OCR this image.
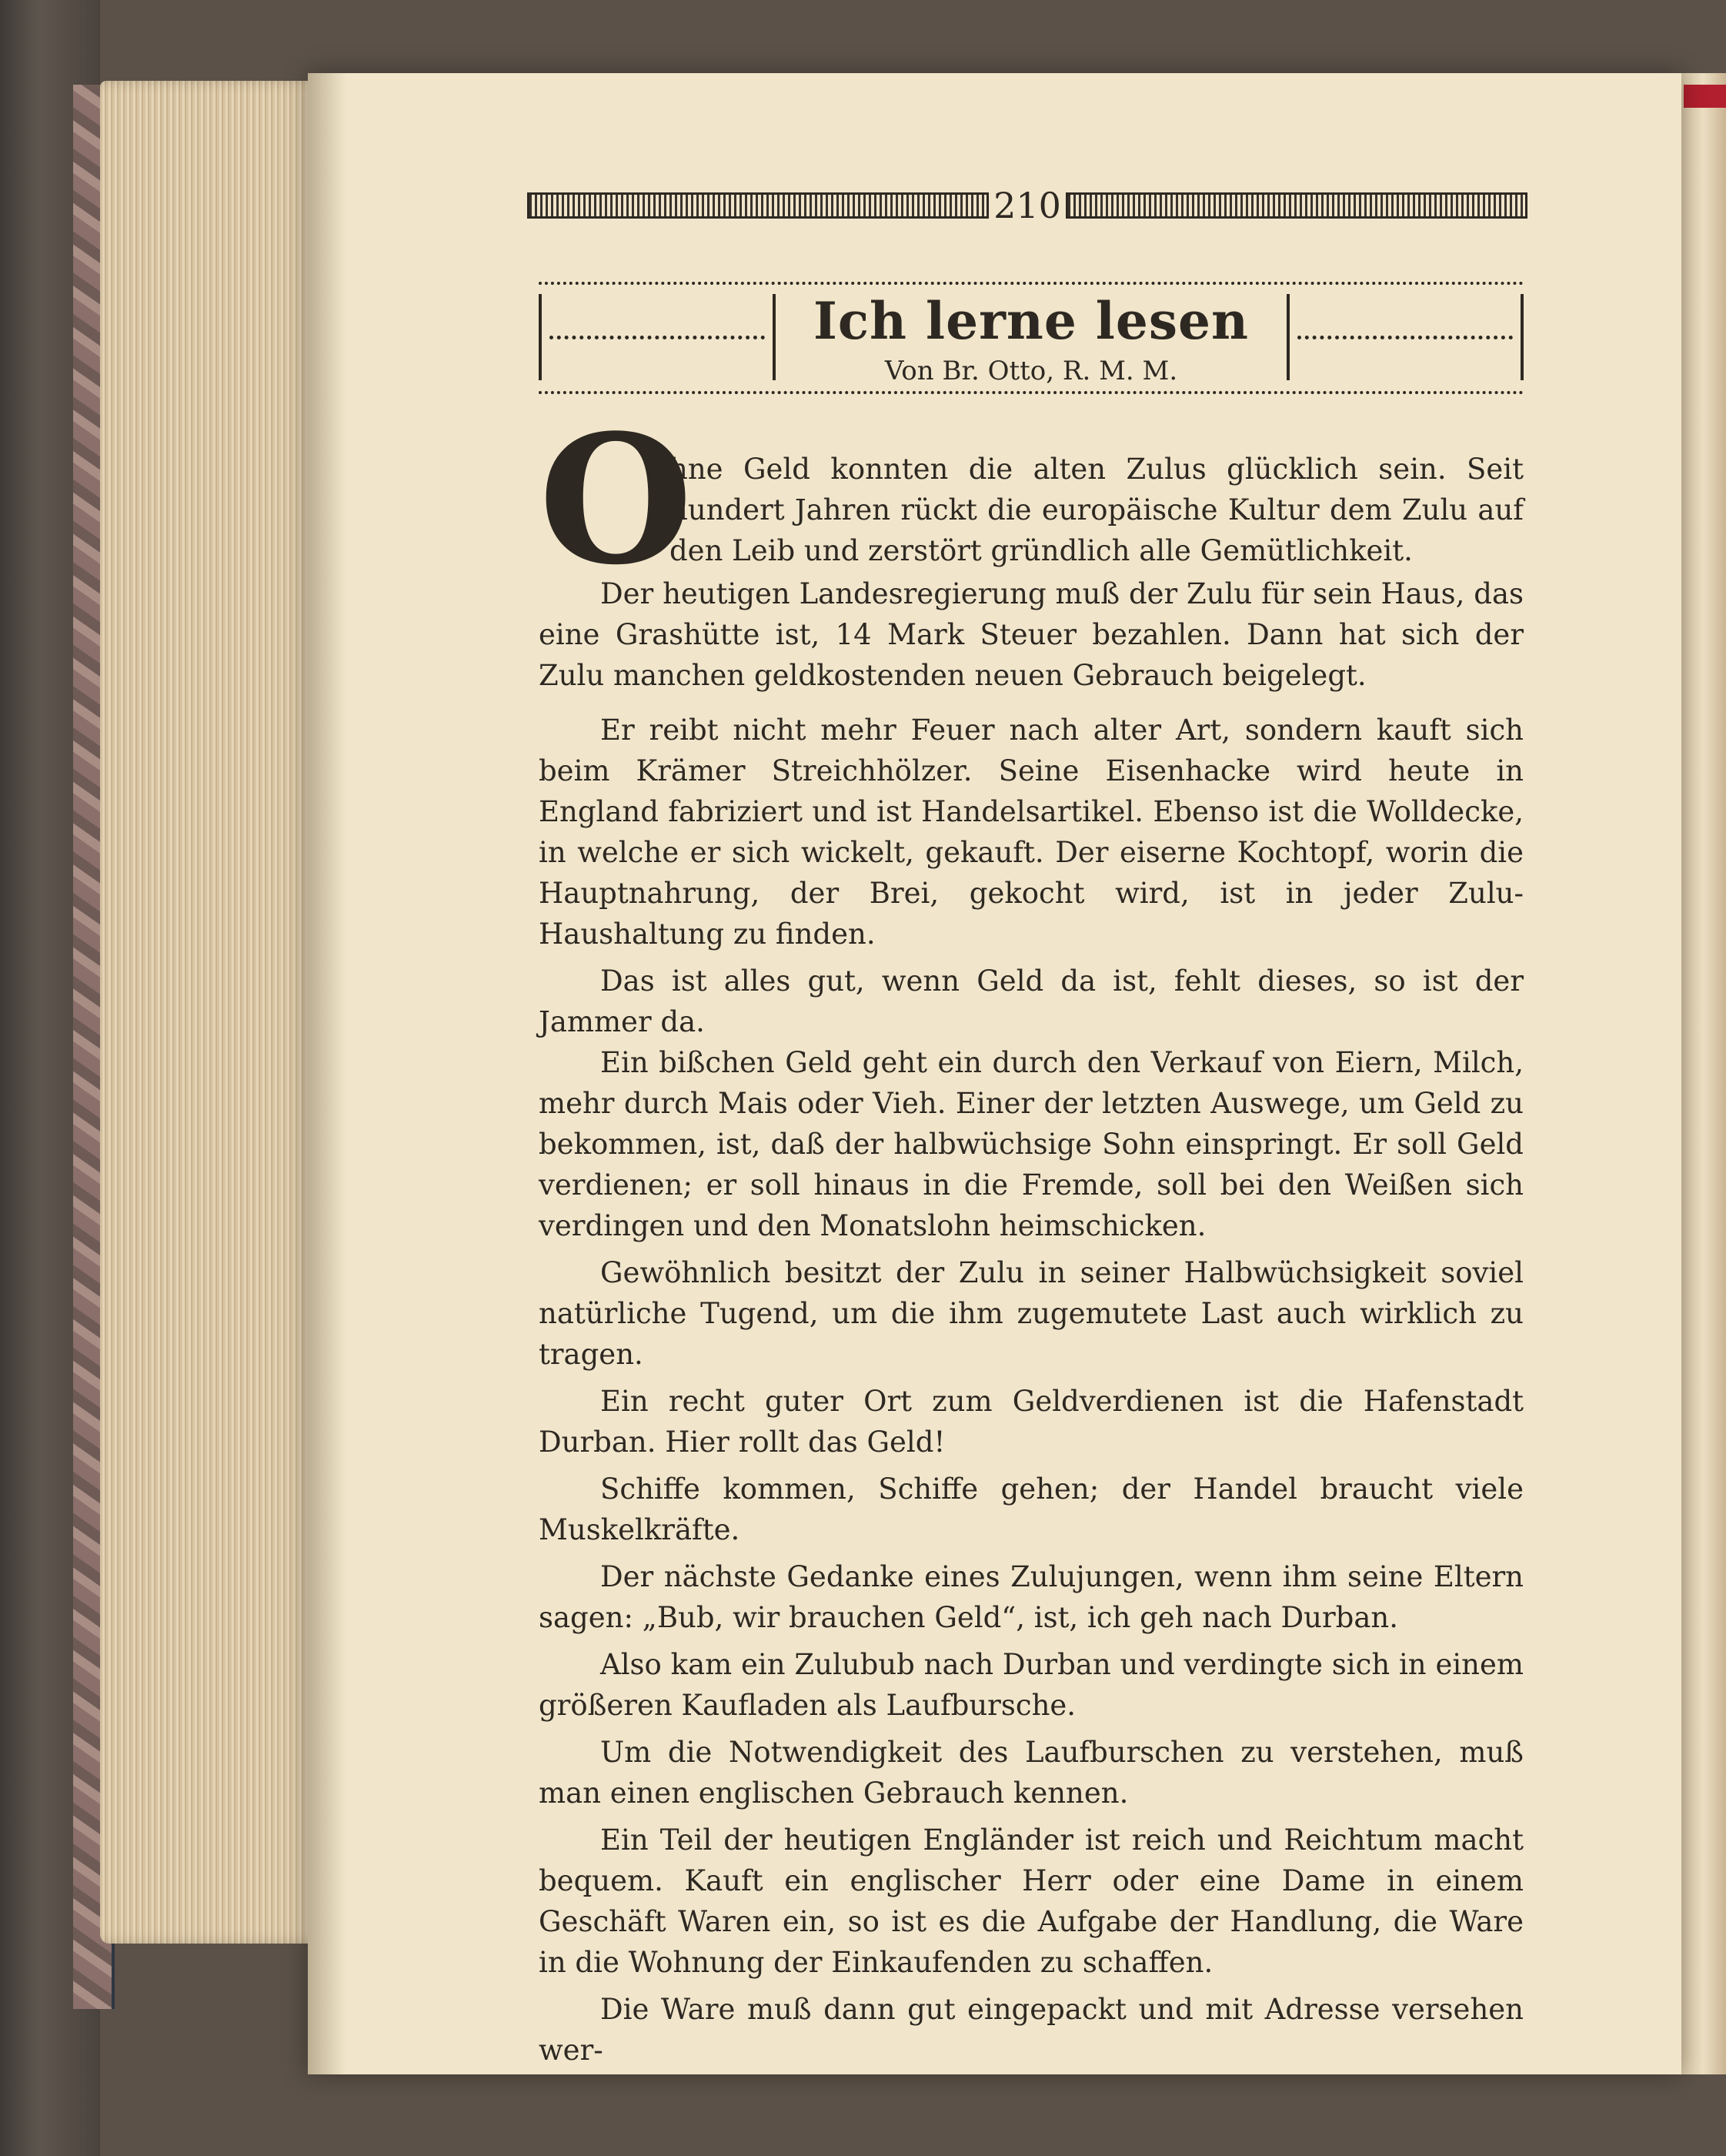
210
Ich lerne lesen
Von Br. Otto, R. M. M.
O
hne Geld konnten die alten Zulus glücklich sein. Seit hundert Jahren rückt die europäische Kultur dem Zulu auf den Leib und zerstört gründlich alle Gemütlichkeit.

Der heutigen Landesregierung muß der Zulu für sein Haus, das eine Grashütte ist, 14 Mark Steuer bezahlen. Dann hat sich der Zulu manchen geldkostenden neuen Gebrauch beigelegt.

Er reibt nicht mehr Feuer nach alter Art, sondern kauft sich beim Krämer Streichhölzer. Seine Eisenhacke wird heute in England fabriziert und ist Handelsartikel. Ebenso ist die Wolldecke, in welche er sich wickelt, gekauft. Der eiserne Kochtopf, worin die Hauptnahrung, der Brei, gekocht wird, ist in jeder Zulu-Haushaltung zu finden.

Das ist alles gut, wenn Geld da ist, fehlt dieses, so ist der Jammer da.

Ein bißchen Geld geht ein durch den Verkauf von Eiern, Milch, mehr durch Mais oder Vieh. Einer der letzten Auswege, um Geld zu bekommen, ist, daß der halbwüchsige Sohn einspringt. Er soll Geld verdienen; er soll hinaus in die Fremde, soll bei den Weißen sich verdingen und den Monatslohn heimschicken.

Gewöhnlich besitzt der Zulu in seiner Halbwüchsigkeit soviel natürliche Tugend, um die ihm zugemutete Last auch wirklich zu tragen.

Ein recht guter Ort zum Geldverdienen ist die Hafenstadt Durban. Hier rollt das Geld!

Schiffe kommen, Schiffe gehen; der Handel braucht viele Muskelkräfte.

Der nächste Gedanke eines Zulujungen, wenn ihm seine Eltern sagen: „Bub, wir brauchen Geld“, ist, ich geh nach Durban.

Also kam ein Zulubub nach Durban und verdingte sich in einem größeren Kaufladen als Laufbursche.

Um die Notwendigkeit des Laufburschen zu verstehen, muß man einen englischen Gebrauch kennen.

Ein Teil der heutigen Engländer ist reich und Reichtum macht bequem. Kauft ein englischer Herr oder eine Dame in einem Geschäft Waren ein, so ist es die Aufgabe der Handlung, die Ware in die Wohnung der Einkaufenden zu schaffen.

Die Ware muß dann gut eingepackt und mit Adresse versehen wer-
